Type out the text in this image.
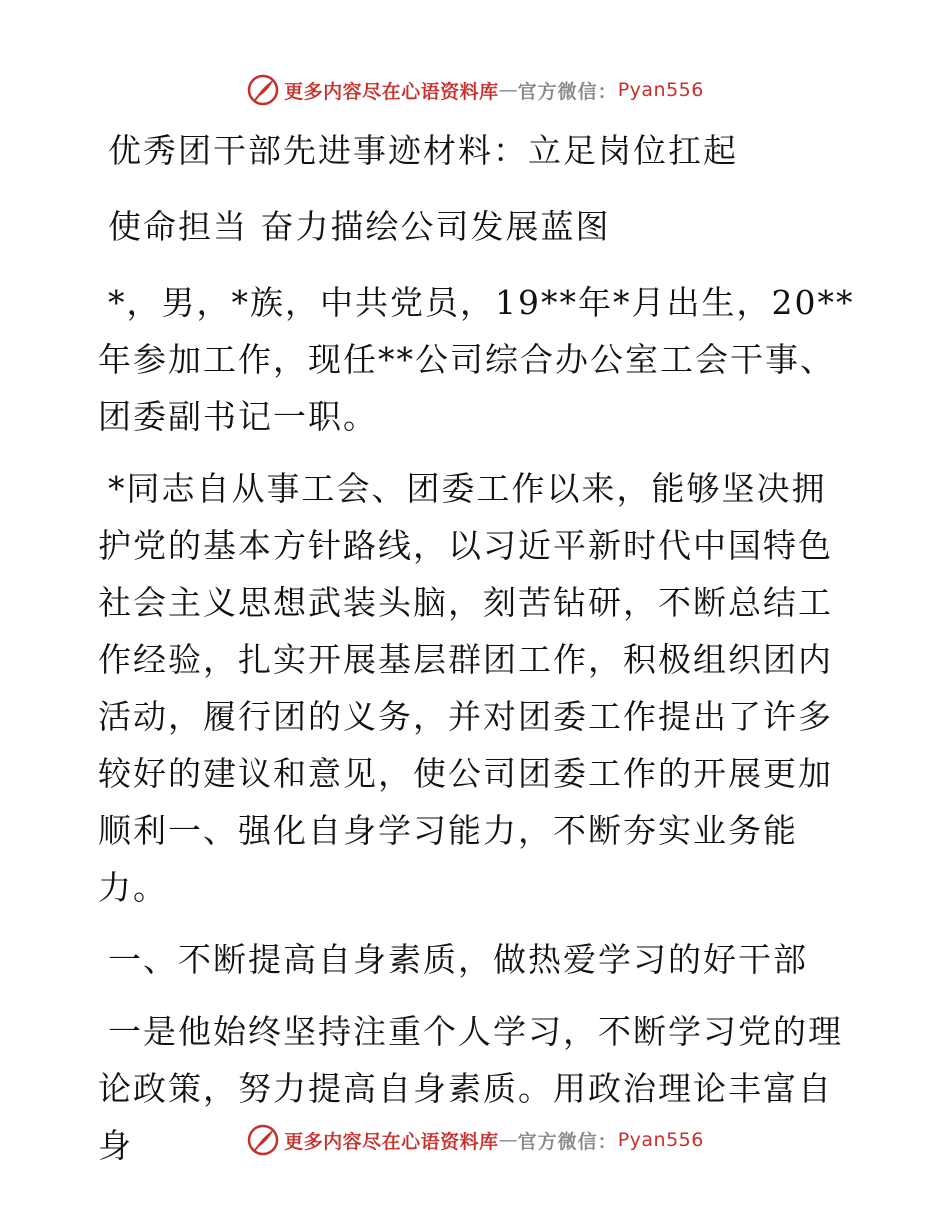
更多内容尽在心语资料库 — 官方微信： Pyan556

优秀团干部先进事迹材料：立足岗位扛起

使命担当 奋力描绘公司发展蓝图

*，男，*族，中共党员，19**年*月出生，20**年参加工作，现任**公司综合办公室工会干事、团委副书记一职。

*同志自从事工会、团委工作以来，能够坚决拥护党的基本方针路线，以习近平新时代中国特色社会主义思想武装头脑，刻苦钻研，不断总结工作经验，扎实开展基层群团工作，积极组织团内活动，履行团的义务，并对团委工作提出了许多较好的建议和意见，使公司团委工作的开展更加顺利一、强化自身学习能力，不断夯实业务能力。

一、不断提高自身素质，做热爱学习的好干部

一是他始终坚持注重个人学习，不断学习党的理论政策，努力提高自身素质。用政治理论丰富自身	更多内容尽在心语资料库 — 官方微信： Pyan556
